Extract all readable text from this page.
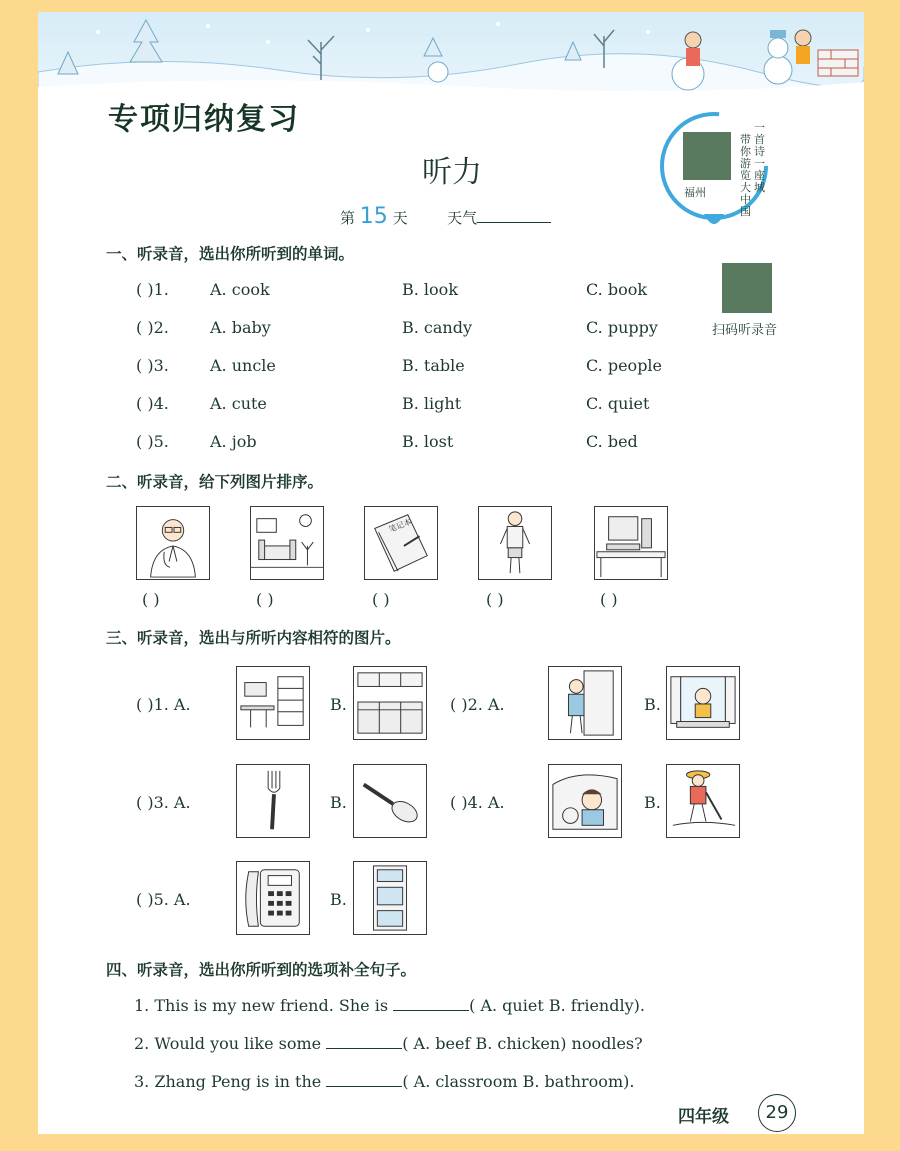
专项归纳复习
听力
第 15 天	天气
福州
一首诗一座城
带你游览大中国
扫码听录音
一、听录音，选出你所听到的单词。
( )1.	A. cook	B. look	C. book
( )2.	A. baby	B. candy	C. puppy
( )3.	A. uncle	B. table	C. people
( )4.	A. cute	B. light	C. quiet
( )5.	A. job	B. lost	C. bed
二、听录音，给下列图片排序。
笔记本
( )	( )	( )	( )	( )
三、听录音，选出与所听内容相符的图片。
( )1. A.	B.	( )2. A.	B.
( )3. A.	B.	( )4. A.	B.
( )5. A.	B.
四、听录音，选出你所听到的选项补全句子。
1. This is my new friend. She is	( A. quiet B. friendly).
2. Would you like some	( A. beef B. chicken) noodles?
3. Zhang Peng is in the	( A. classroom B. bathroom).
四年级	29
